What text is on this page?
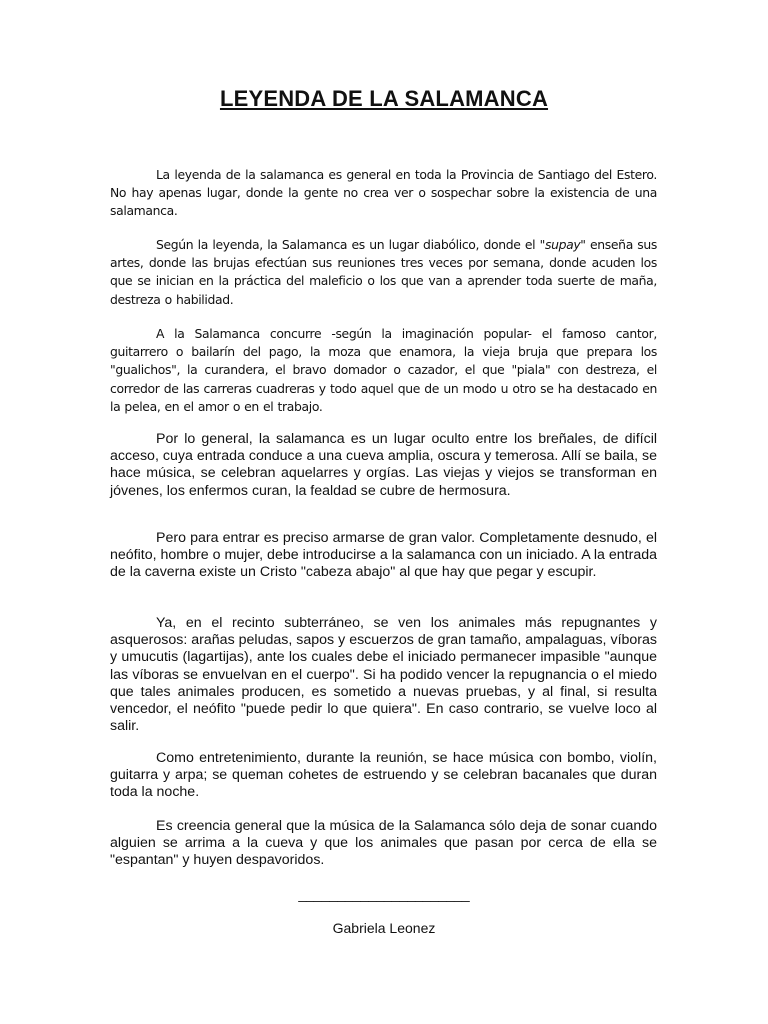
LEYENDA DE LA SALAMANCA

La leyenda de la salamanca es general en toda la Provincia de Santiago del Estero. No hay apenas lugar, donde la gente no crea ver o sospechar sobre la existencia de una salamanca.

Según la leyenda, la Salamanca es un lugar diabólico, donde el "supay" enseña sus artes, donde las brujas efectúan sus reuniones tres veces por semana, donde acuden los que se inician en la práctica del maleficio o los que van a aprender toda suerte de maña, destreza o habilidad.

A la Salamanca concurre -según la imaginación popular- el famoso cantor, guitarrero o bailarín del pago, la moza que enamora, la vieja bruja que prepara los "gualichos", la curandera, el bravo domador o cazador, el que "piala" con destreza, el corredor de las carreras cuadreras y todo aquel que de un modo u otro se ha destacado en la pelea, en el amor o en el trabajo.

Por lo general, la salamanca es un lugar oculto entre los breñales, de difícil acceso, cuya entrada conduce a una cueva amplia, oscura y temerosa. Allí se baila, se hace música, se celebran aquelarres y orgías. Las viejas y viejos se transforman en jóvenes, los enfermos curan, la fealdad se cubre de hermosura.

Pero para entrar es preciso armarse de gran valor. Completamente desnudo, el neófito, hombre o mujer, debe introducirse a la salamanca con un iniciado. A la entrada de la caverna existe un Cristo "cabeza abajo" al que hay que pegar y escupir.

Ya, en el recinto subterráneo, se ven los animales más repugnantes y asquerosos: arañas peludas, sapos y escuerzos de gran tamaño, ampalaguas, víboras y umucutis (lagartijas), ante los cuales debe el iniciado permanecer impasible "aunque las víboras se envuelvan en el cuerpo". Si ha podido vencer la repugnancia o el miedo que tales animales producen, es sometido a nuevas pruebas, y al final, si resulta vencedor, el neófito "puede pedir lo que quiera". En caso contrario, se vuelve loco al salir.

Como entretenimiento, durante la reunión, se hace música con bombo, violín, guitarra y arpa; se queman cohetes de estruendo y se celebran bacanales que duran toda la noche.

Es creencia general que la música de la Salamanca sólo deja de sonar cuando alguien se arrima a la cueva y que los animales que pasan por cerca de ella se "espantan" y huyen despavoridos.

______________________
Gabriela Leonez
